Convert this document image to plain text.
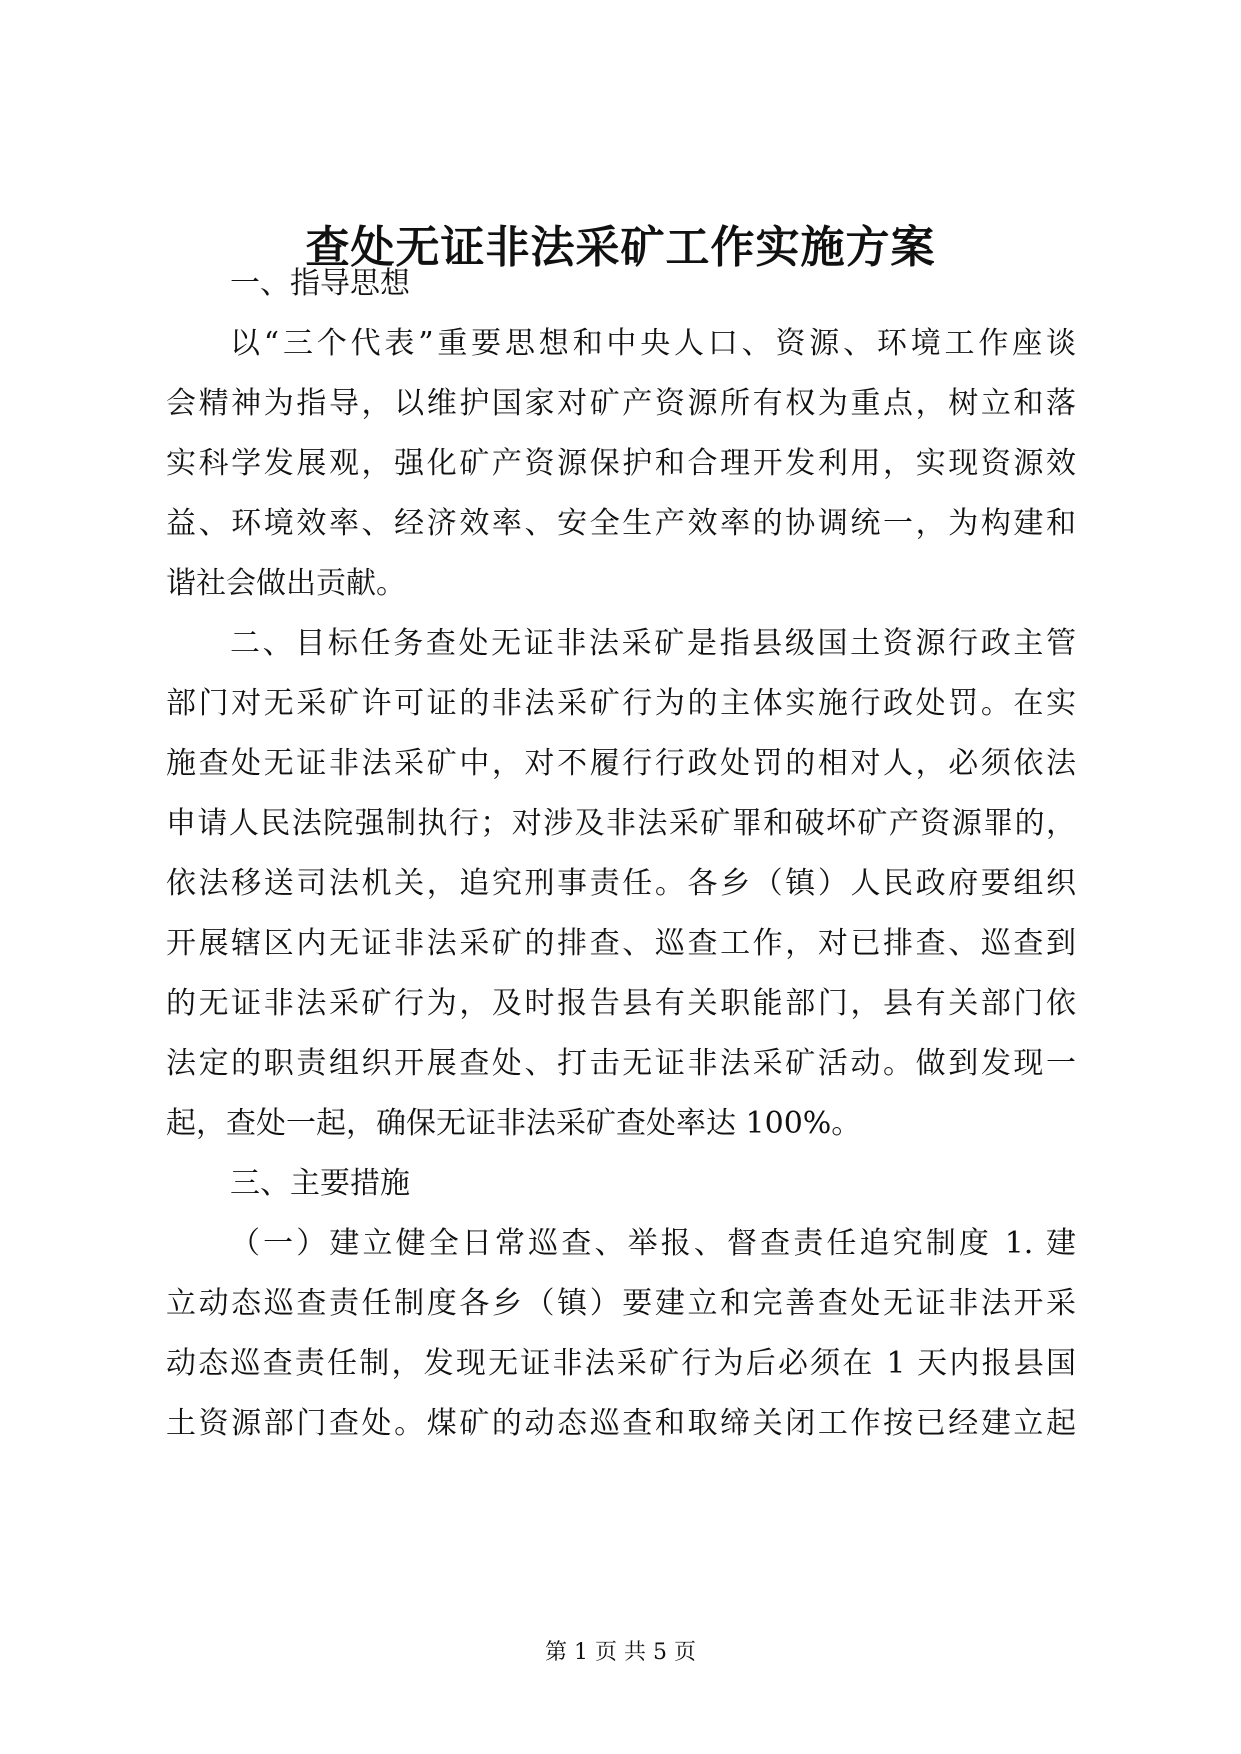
查处无证非法采矿工作实施方案
一、指导思想
以“三个代表”重要思想和中央人口、资源、环境工作座谈
会精神为指导，以维护国家对矿产资源所有权为重点，树立和落
实科学发展观，强化矿产资源保护和合理开发利用，实现资源效
益、环境效率、经济效率、安全生产效率的协调统一，为构建和
谐社会做出贡献。
二、目标任务查处无证非法采矿是指县级国土资源行政主管
部门对无采矿许可证的非法采矿行为的主体实施行政处罚。在实
施查处无证非法采矿中，对不履行行政处罚的相对人，必须依法
申请人民法院强制执行；对涉及非法采矿罪和破坏矿产资源罪的，
依法移送司法机关，追究刑事责任。各乡（镇）人民政府要组织
开展辖区内无证非法采矿的排查、巡查工作，对已排查、巡查到
的无证非法采矿行为，及时报告县有关职能部门，县有关部门依
法定的职责组织开展查处、打击无证非法采矿活动。做到发现一
起，查处一起，确保无证非法采矿查处率达 100%。
三、主要措施
（一）建立健全日常巡查、举报、督查责任追究制度 1. 建
立动态巡查责任制度各乡（镇）要建立和完善查处无证非法开采
动态巡查责任制，发现无证非法采矿行为后必须在 1 天内报县国
土资源部门查处。煤矿的动态巡查和取缔关闭工作按已经建立起
第 1 页 共 5 页
